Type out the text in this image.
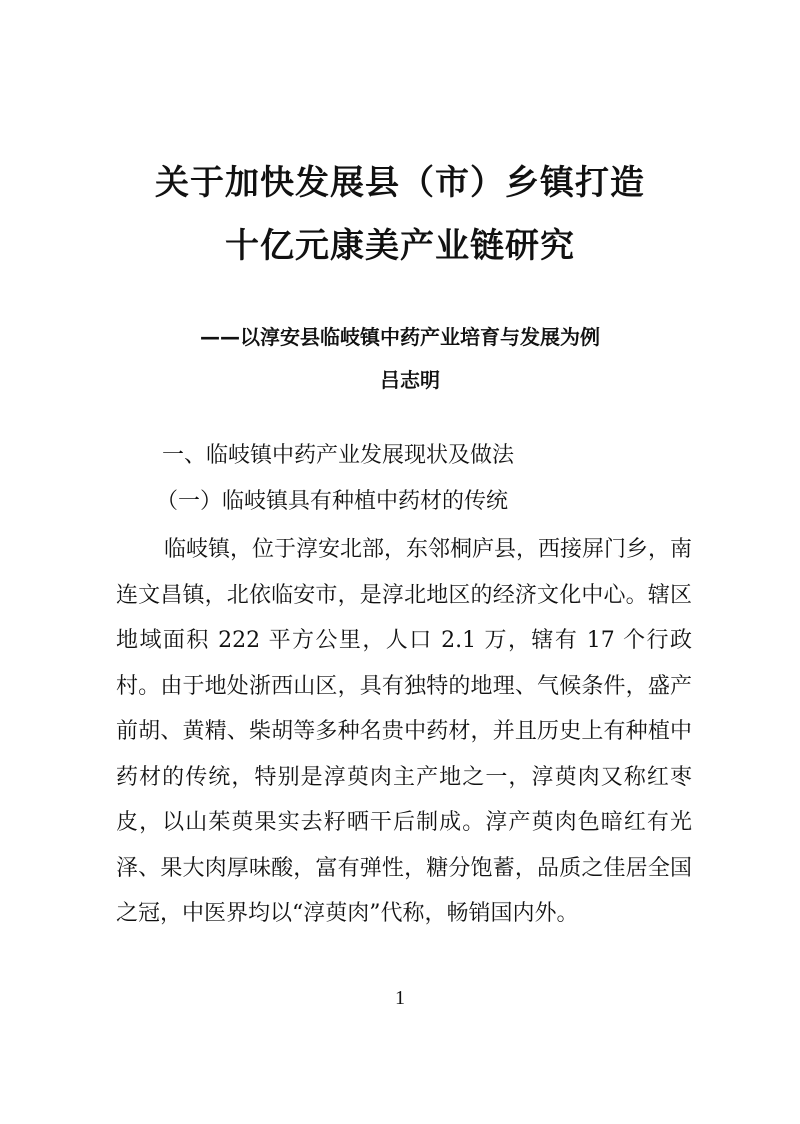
关于加快发展县（市）乡镇打造
十亿元康美产业链研究
——以淳安县临岐镇中药产业培育与发展为例
吕志明
一、临岐镇中药产业发展现状及做法
（一）临岐镇具有种植中药材的传统

临岐镇，位于淳安北部，东邻桐庐县，西接屏门乡，南连文昌镇，北依临安市，是淳北地区的经济文化中心。辖区地域面积 222 平方公里，人口 2.1 万，辖有 17 个行政村。由于地处浙西山区，具有独特的地理、气候条件，盛产前胡、黄精、柴胡等多种名贵中药材，并且历史上有种植中药材的传统，特别是淳萸肉主产地之一，淳萸肉又称红枣皮，以山茱萸果实去籽晒干后制成。淳产萸肉色暗红有光泽、果大肉厚味酸，富有弹性，糖分饱蓄，品质之佳居全国之冠，中医界均以“淳萸肉”代称，畅销国内外。

1
